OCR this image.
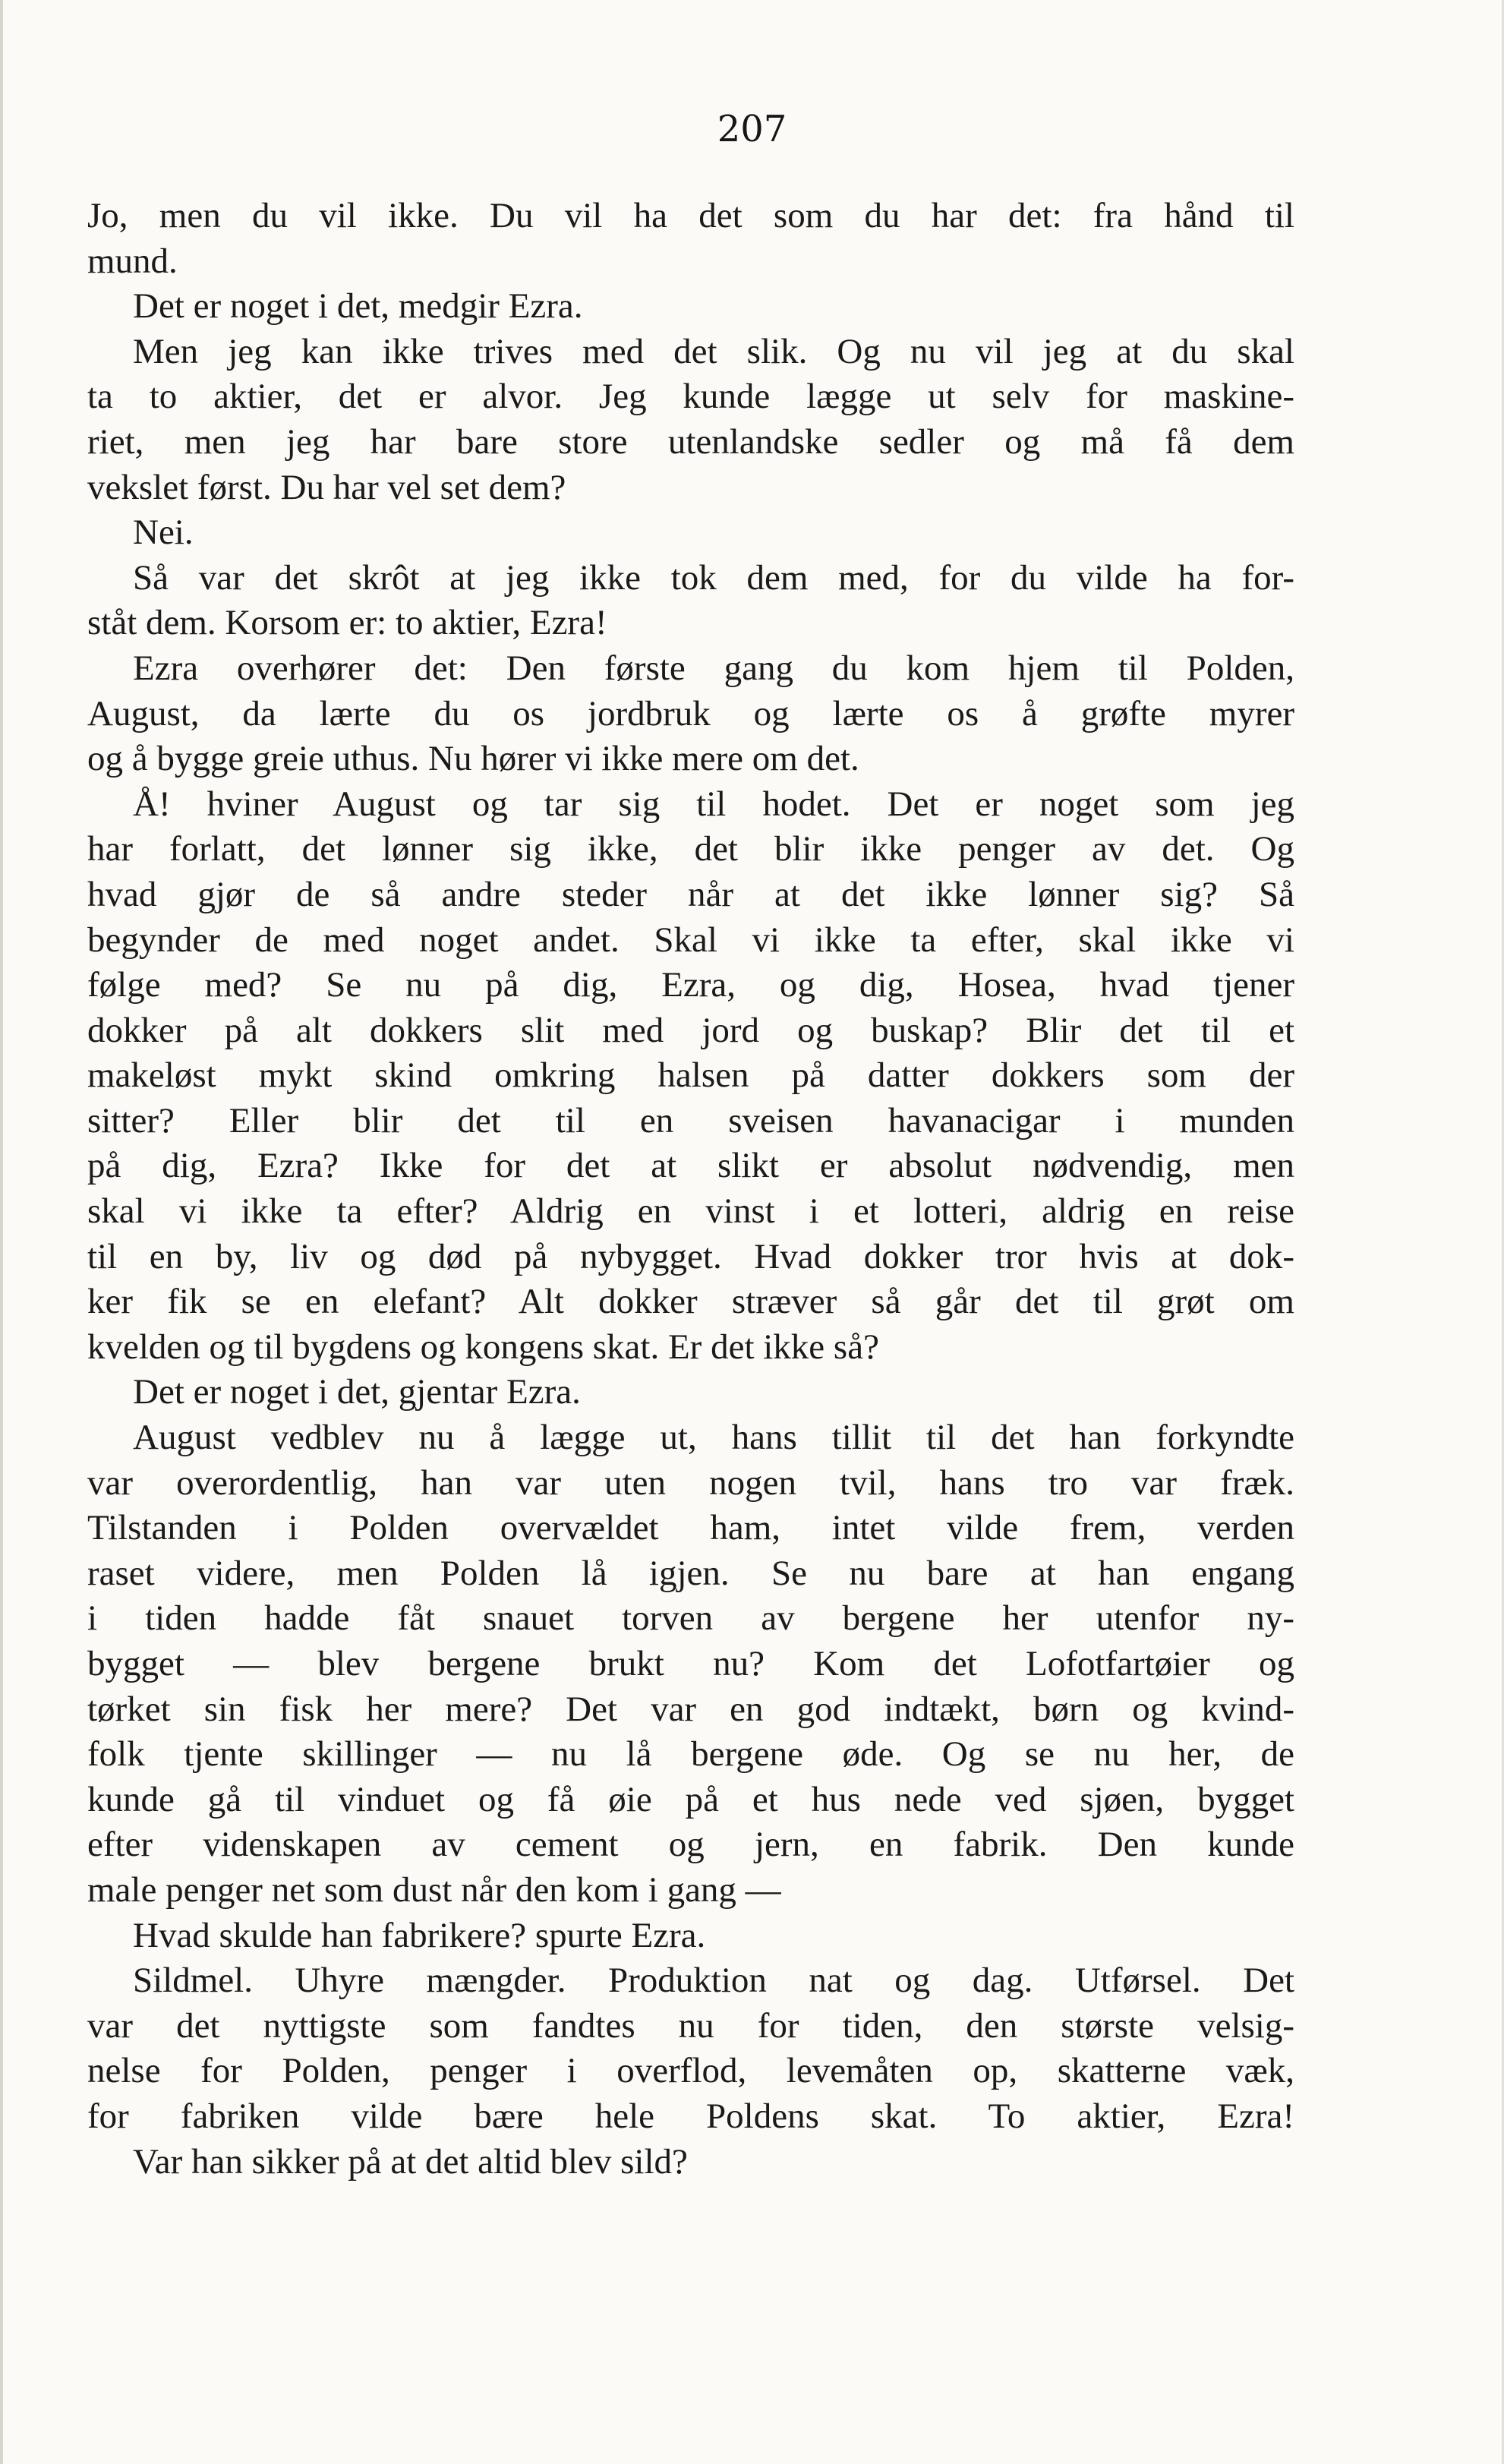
207
Jo, men du vil ikke. Du vil ha det som du har det: fra hånd til
mund.
Det er noget i det, medgir Ezra.
Men jeg kan ikke trives med det slik. Og nu vil jeg at du skal
ta to aktier, det er alvor. Jeg kunde lægge ut selv for maskine-
riet, men jeg har bare store utenlandske sedler og må få dem
vekslet først. Du har vel set dem?
Nei.
Så var det skrôt at jeg ikke tok dem med, for du vilde ha for-
ståt dem. Korsom er: to aktier, Ezra!
Ezra overhører det: Den første gang du kom hjem til Polden,
August, da lærte du os jordbruk og lærte os å grøfte myrer
og å bygge greie uthus. Nu hører vi ikke mere om det.
Å! hviner August og tar sig til hodet. Det er noget som jeg
har forlatt, det lønner sig ikke, det blir ikke penger av det. Og
hvad gjør de så andre steder når at det ikke lønner sig? Så
begynder de med noget andet. Skal vi ikke ta efter, skal ikke vi
følge med? Se nu på dig, Ezra, og dig, Hosea, hvad tjener
dokker på alt dokkers slit med jord og buskap? Blir det til et
makeløst mykt skind omkring halsen på datter dokkers som der
sitter? Eller blir det til en sveisen havanacigar i munden
på dig, Ezra? Ikke for det at slikt er absolut nødvendig, men
skal vi ikke ta efter? Aldrig en vinst i et lotteri, aldrig en reise
til en by, liv og død på nybygget. Hvad dokker tror hvis at dok-
ker fik se en elefant? Alt dokker stræver så går det til grøt om
kvelden og til bygdens og kongens skat. Er det ikke så?
Det er noget i det, gjentar Ezra.
August vedblev nu å lægge ut, hans tillit til det han forkyndte
var overordentlig, han var uten nogen tvil, hans tro var fræk.
Tilstanden i Polden overvældet ham, intet vilde frem, verden
raset videre, men Polden lå igjen. Se nu bare at han engang
i tiden hadde fåt snauet torven av bergene her utenfor ny-
bygget — blev bergene brukt nu? Kom det Lofotfartøier og
tørket sin fisk her mere? Det var en god indtækt, børn og kvind-
folk tjente skillinger — nu lå bergene øde. Og se nu her, de
kunde gå til vinduet og få øie på et hus nede ved sjøen, bygget
efter videnskapen av cement og jern, en fabrik. Den kunde
male penger net som dust når den kom i gang —
Hvad skulde han fabrikere? spurte Ezra.
Sildmel. Uhyre mængder. Produktion nat og dag. Utførsel. Det
var det nyttigste som fandtes nu for tiden, den største velsig-
nelse for Polden, penger i overflod, levemåten op, skatterne væk,
for fabriken vilde bære hele Poldens skat. To aktier, Ezra!
Var han sikker på at det altid blev sild?
